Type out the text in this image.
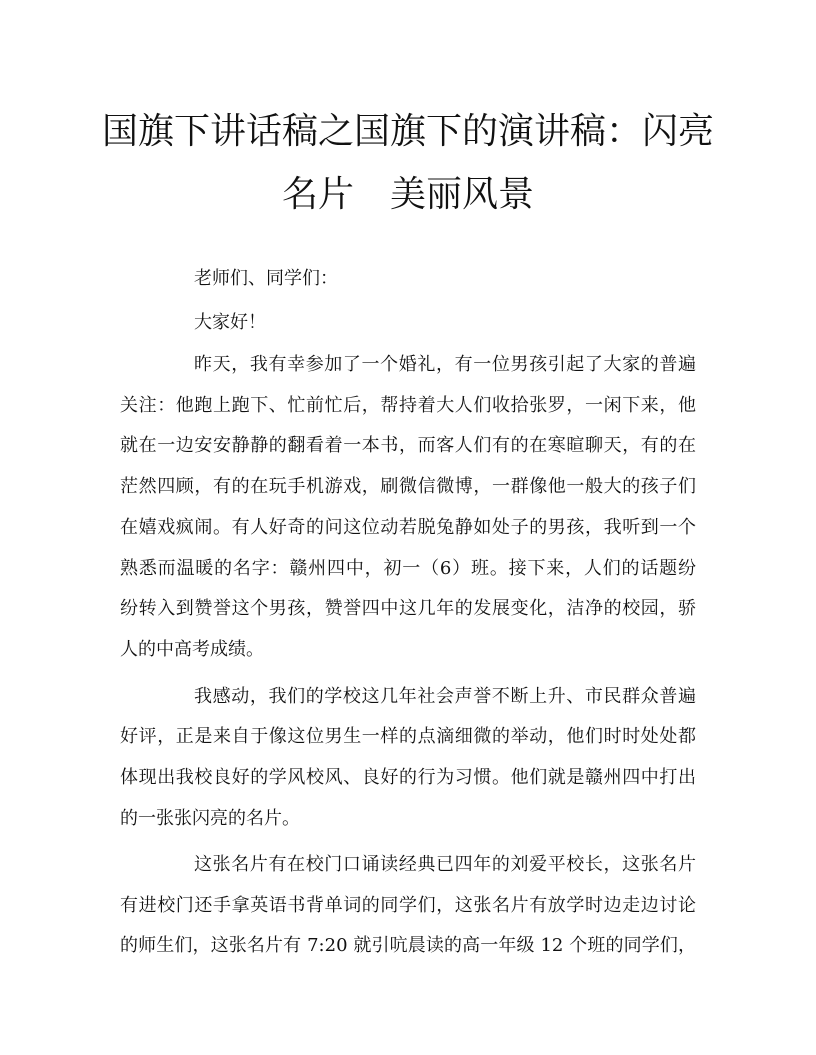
国旗下讲话稿之国旗下的演讲稿：闪亮
名片　美丽风景
老师们、同学们：
大家好！
昨天，我有幸参加了一个婚礼，有一位男孩引起了大家的普遍
关注：他跑上跑下、忙前忙后，帮持着大人们收拾张罗，一闲下来，他
就在一边安安静静的翻看着一本书，而客人们有的在寒暄聊天，有的在
茫然四顾，有的在玩手机游戏，刷微信微博，一群像他一般大的孩子们
在嬉戏疯闹。有人好奇的问这位动若脱兔静如处子的男孩，我听到一个
熟悉而温暖的名字：赣州四中，初一（6）班。接下来，人们的话题纷
纷转入到赞誉这个男孩，赞誉四中这几年的发展变化，洁净的校园，骄
人的中高考成绩。
我感动，我们的学校这几年社会声誉不断上升、市民群众普遍
好评，正是来自于像这位男生一样的点滴细微的举动，他们时时处处都
体现出我校良好的学风校风、良好的行为习惯。他们就是赣州四中打出
的一张张闪亮的名片。
这张名片有在校门口诵读经典已四年的刘爱平校长，这张名片
有进校门还手拿英语书背单词的同学们，这张名片有放学时边走边讨论
的师生们，这张名片有 7:20 就引吭晨读的高一年级 12 个班的同学们，
